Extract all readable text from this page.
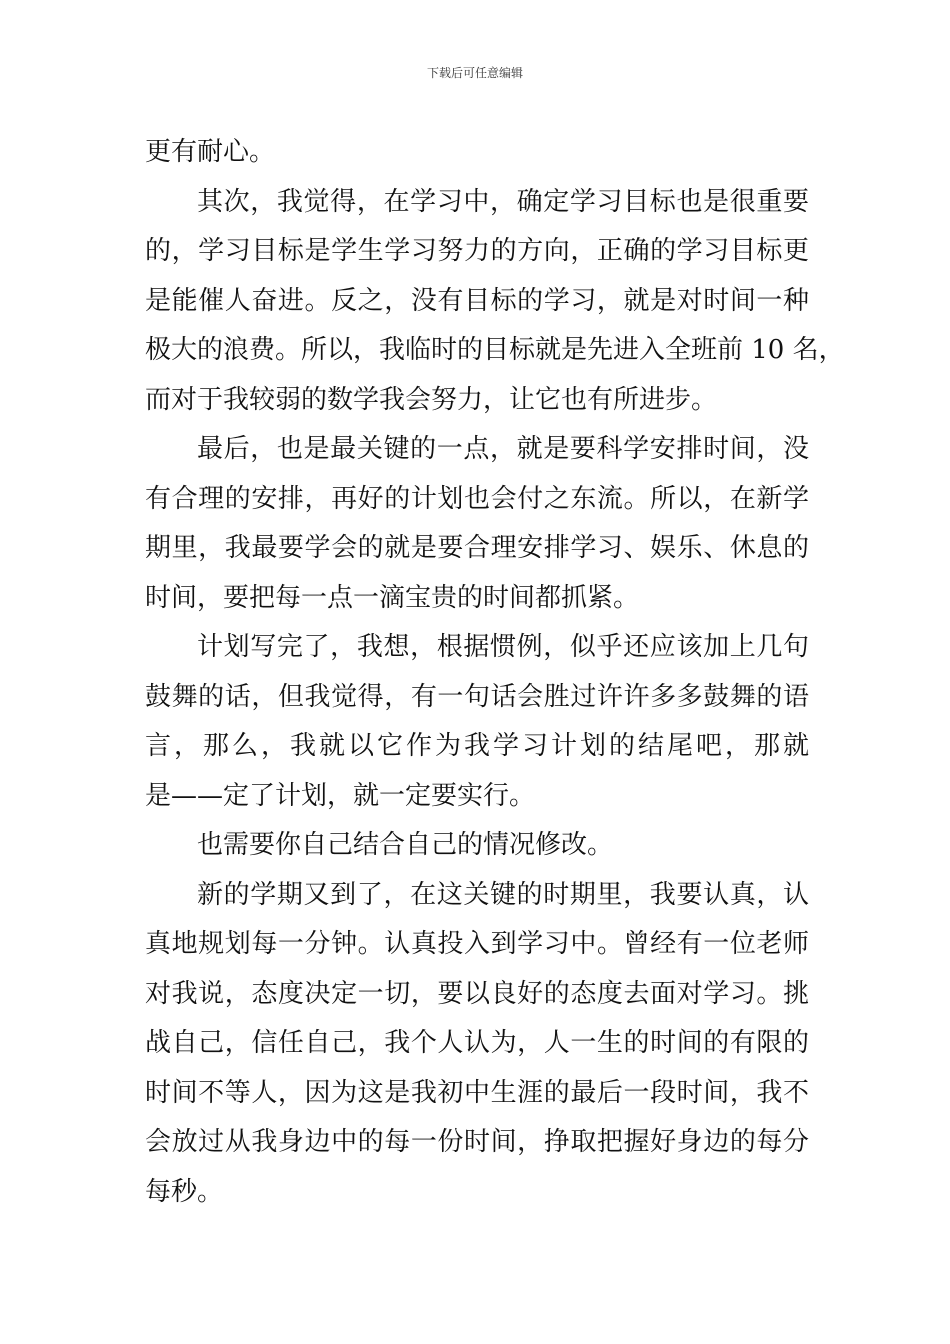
下载后可任意编辑
更有耐心。
其次，我觉得，在学习中，确定学习目标也是很重要
的，学习目标是学生学习努力的方向，正确的学习目标更
是能催人奋进。反之，没有目标的学习，就是对时间一种
极大的浪费。所以，我临时的目标就是先进入全班前 10 名，
而对于我较弱的数学我会努力，让它也有所进步。
最后，也是最关键的一点，就是要科学安排时间，没
有合理的安排，再好的计划也会付之东流。所以，在新学
期里，我最要学会的就是要合理安排学习、娱乐、休息的
时间，要把每一点一滴宝贵的时间都抓紧。
计划写完了，我想，根据惯例，似乎还应该加上几句
鼓舞的话，但我觉得，有一句话会胜过许许多多鼓舞的语
言，那么，我就以它作为我学习计划的结尾吧，那就
是——定了计划，就一定要实行。
也需要你自己结合自己的情况修改。
新的学期又到了，在这关键的时期里，我要认真，认
真地规划每一分钟。认真投入到学习中。曾经有一位老师
对我说，态度决定一切，要以良好的态度去面对学习。挑
战自己，信任自己，我个人认为，人一生的时间的有限的
时间不等人，因为这是我初中生涯的最后一段时间，我不
会放过从我身边中的每一份时间，挣取把握好身边的每分
每秒。
